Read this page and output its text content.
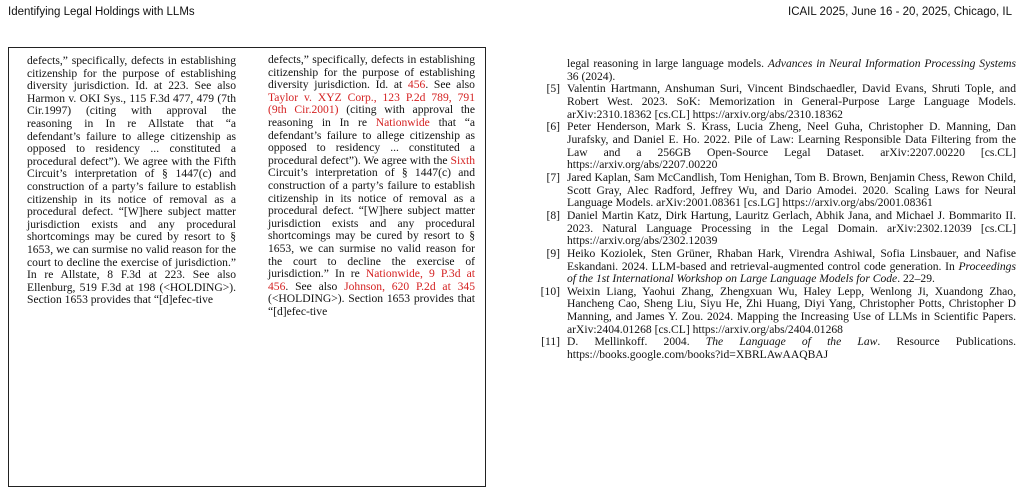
Identifying Legal Holdings with LLMs	ICAIL 2025, June 16 - 20, 2025, Chicago, IL
defects,” specifically, defects in establishing citizenship for the purpose of establishing diversity jurisdiction. Id. at 223. See also Harmon v. OKI Sys., 115 F.3d 477, 479 (7th Cir.1997) (citing with approval the reasoning in In re Allstate that “a defendant’s failure to allege citizenship as opposed to residency ... constituted a procedural defect”). We agree with the Fifth Circuit’s interpretation of § 1447(c) and construction of a party’s failure to establish citizenship in its notice of removal as a procedural defect. “[W]here subject matter jurisdiction exists and any procedural shortcomings may be cured by resort to § 1653, we can surmise no valid reason for the court to decline the exercise of jurisdiction.” In re Allstate, 8 F.3d at 223. See also Ellenburg, 519 F.3d at 198 (<HOLDING>). Section 1653 provides that “[d]efec-tive
defects,” specifically, defects in establishing citizenship for the purpose of establishing diversity jurisdiction. Id. at 456. See also Taylor v. XYZ Corp., 123 P.2d 789, 791 (9th Cir.2001) (citing with approval the reasoning in In re Nationwide that “a defendant’s failure to allege citizenship as opposed to residency ... constituted a procedural defect”). We agree with the Sixth Circuit’s interpretation of § 1447(c) and construction of a party’s failure to establish citizenship in its notice of removal as a procedural defect. “[W]here subject matter jurisdiction exists and any procedural shortcomings may be cured by resort to § 1653, we can surmise no valid reason for the court to decline the exercise of jurisdiction.” In re Nationwide, 9 P.3d at 456. See also Johnson, 620 P.2d at 345 (<HOLDING>). Section 1653 provides that “[d]efec-tive
legal reasoning in large language models. Advances in Neural Information Processing Systems 36 (2024).
[5] Valentin Hartmann, Anshuman Suri, Vincent Bindschaedler, David Evans, Shruti Tople, and Robert West. 2023. SoK: Memorization in General-Purpose Large Language Models. arXiv:2310.18362 [cs.CL] https://arxiv.org/abs/2310.18362
[6] Peter Henderson, Mark S. Krass, Lucia Zheng, Neel Guha, Christopher D. Manning, Dan Jurafsky, and Daniel E. Ho. 2022. Pile of Law: Learning Responsible Data Filtering from the Law and a 256GB Open-Source Legal Dataset. arXiv:2207.00220 [cs.CL] https://arxiv.org/abs/2207.00220
[7] Jared Kaplan, Sam McCandlish, Tom Henighan, Tom B. Brown, Benjamin Chess, Rewon Child, Scott Gray, Alec Radford, Jeffrey Wu, and Dario Amodei. 2020. Scaling Laws for Neural Language Models. arXiv:2001.08361 [cs.LG] https://arxiv.org/abs/2001.08361
[8] Daniel Martin Katz, Dirk Hartung, Lauritz Gerlach, Abhik Jana, and Michael J. Bommarito II. 2023. Natural Language Processing in the Legal Domain. arXiv:2302.12039 [cs.CL] https://arxiv.org/abs/2302.12039
[9] Heiko Koziolek, Sten Grüner, Rhaban Hark, Virendra Ashiwal, Sofia Linsbauer, and Nafise Eskandani. 2024. LLM-based and retrieval-augmented control code generation. In Proceedings of the 1st International Workshop on Large Language Models for Code. 22–29.
[10] Weixin Liang, Yaohui Zhang, Zhengxuan Wu, Haley Lepp, Wenlong Ji, Xuandong Zhao, Hancheng Cao, Sheng Liu, Siyu He, Zhi Huang, Diyi Yang, Christopher Potts, Christopher D Manning, and James Y. Zou. 2024. Mapping the Increasing Use of LLMs in Scientific Papers. arXiv:2404.01268 [cs.CL] https://arxiv.org/abs/2404.01268
[11] D. Mellinkoff. 2004. The Language of the Law. Resource Publications. https://books.google.com/books?id=XBRLAwAAQBAJ
